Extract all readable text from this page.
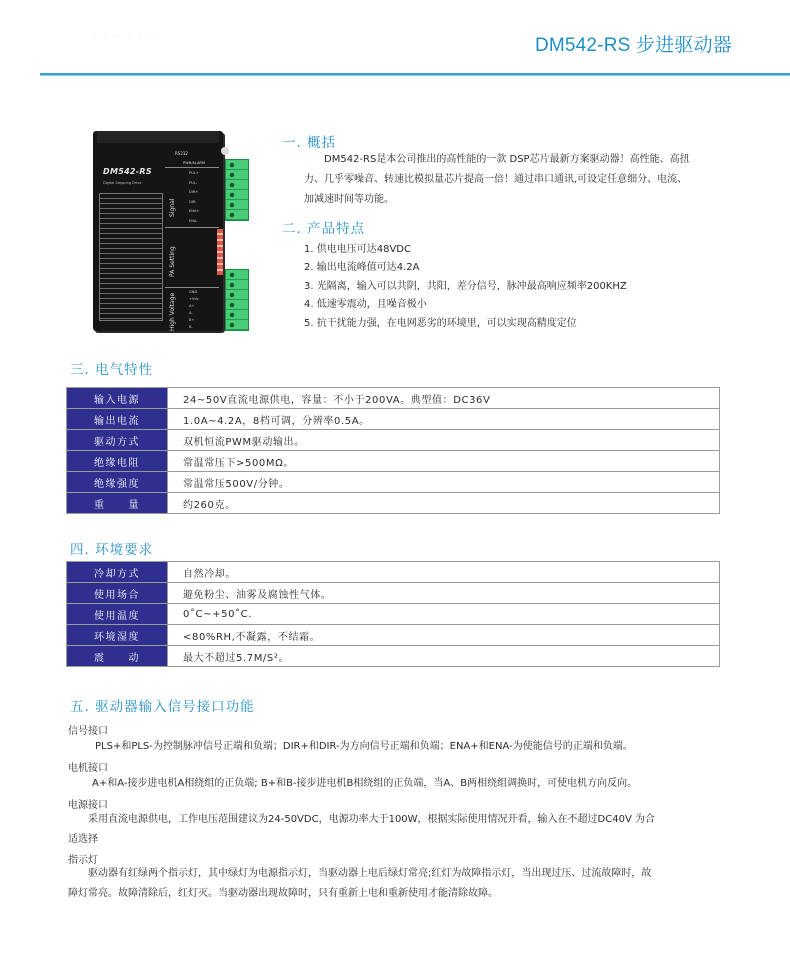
· · · · · ·	DM542-RS 步进驱动器
DM542-RS
Digital Stepping Drive
RS232
PWR/ALARM
Signal
PA Setting
High Voltage
PUL+
PUL-
DIR+
DIR-
ENA+
ENA-
GND
+Vdc
A+
A-
B+
B-
一. 概括
　　DM542-RS是本公司推出的高性能的一款 DSP芯片最新方案驱动器！高性能、高扭
力、几乎零噪音、转速比模拟量芯片提高一倍！通过串口通讯,可设定任意细分、电流、
加减速时间等功能。
二. 产品特点
1. 供电电压可达48VDC
2. 输出电流峰值可达4.2A
3. 光隔离，输入可以共阴，共阳，差分信号，脉冲最高响应频率200KHZ
4. 低速零震动，且噪音极小
5. 抗干扰能力强，在电网恶劣的环境里，可以实现高精度定位
三. 电气特性
输入电源	24~50V直流电源供电，容量：不小于200VA。典型值：DC36V
输出电流	1.0A~4.2A，8档可调，分辨率0.5A。
驱动方式	双机恒流PWM驱动输出。
绝缘电阻	常温常压下>500MΩ。
绝缘强度	常温常压500V/分钟。
重　　量	约260克。
四. 环境要求
冷却方式	自然冷却。
使用场合	避免粉尘、油雾及腐蚀性气体。
使用温度	0˚C~+50˚C.
环境湿度	<80%RH,不凝露，不结霜。
震　　动	最大不超过5.7M/S²。
五. 驱动器输入信号接口功能
信号接口
PLS+和PLS-为控制脉冲信号正端和负端；DIR+和DIR-为方向信号正端和负端；ENA+和ENA-为使能信号的正端和负端。
电机接口
A+和A-接步进电机A相绕组的正负端; B+和B-接步进电机B相绕组的正负端，当A、B两相绕组调换时，可使电机方向反向。
电源接口
　　采用直流电源供电，工作电压范围建议为24-50VDC，电源功率大于100W，根据实际使用情况开看，输入在不超过DC40V 为合
适选择
指示灯
　　驱动器有红绿两个指示灯，其中绿灯为电源指示灯，当驱动器上电后绿灯常亮;红灯为故障指示灯，当出现过压、过流故障时，故
障灯常亮。故障清除后，红灯灭。当驱动器出现故障时，只有重新上电和重新使用才能清除故障。
